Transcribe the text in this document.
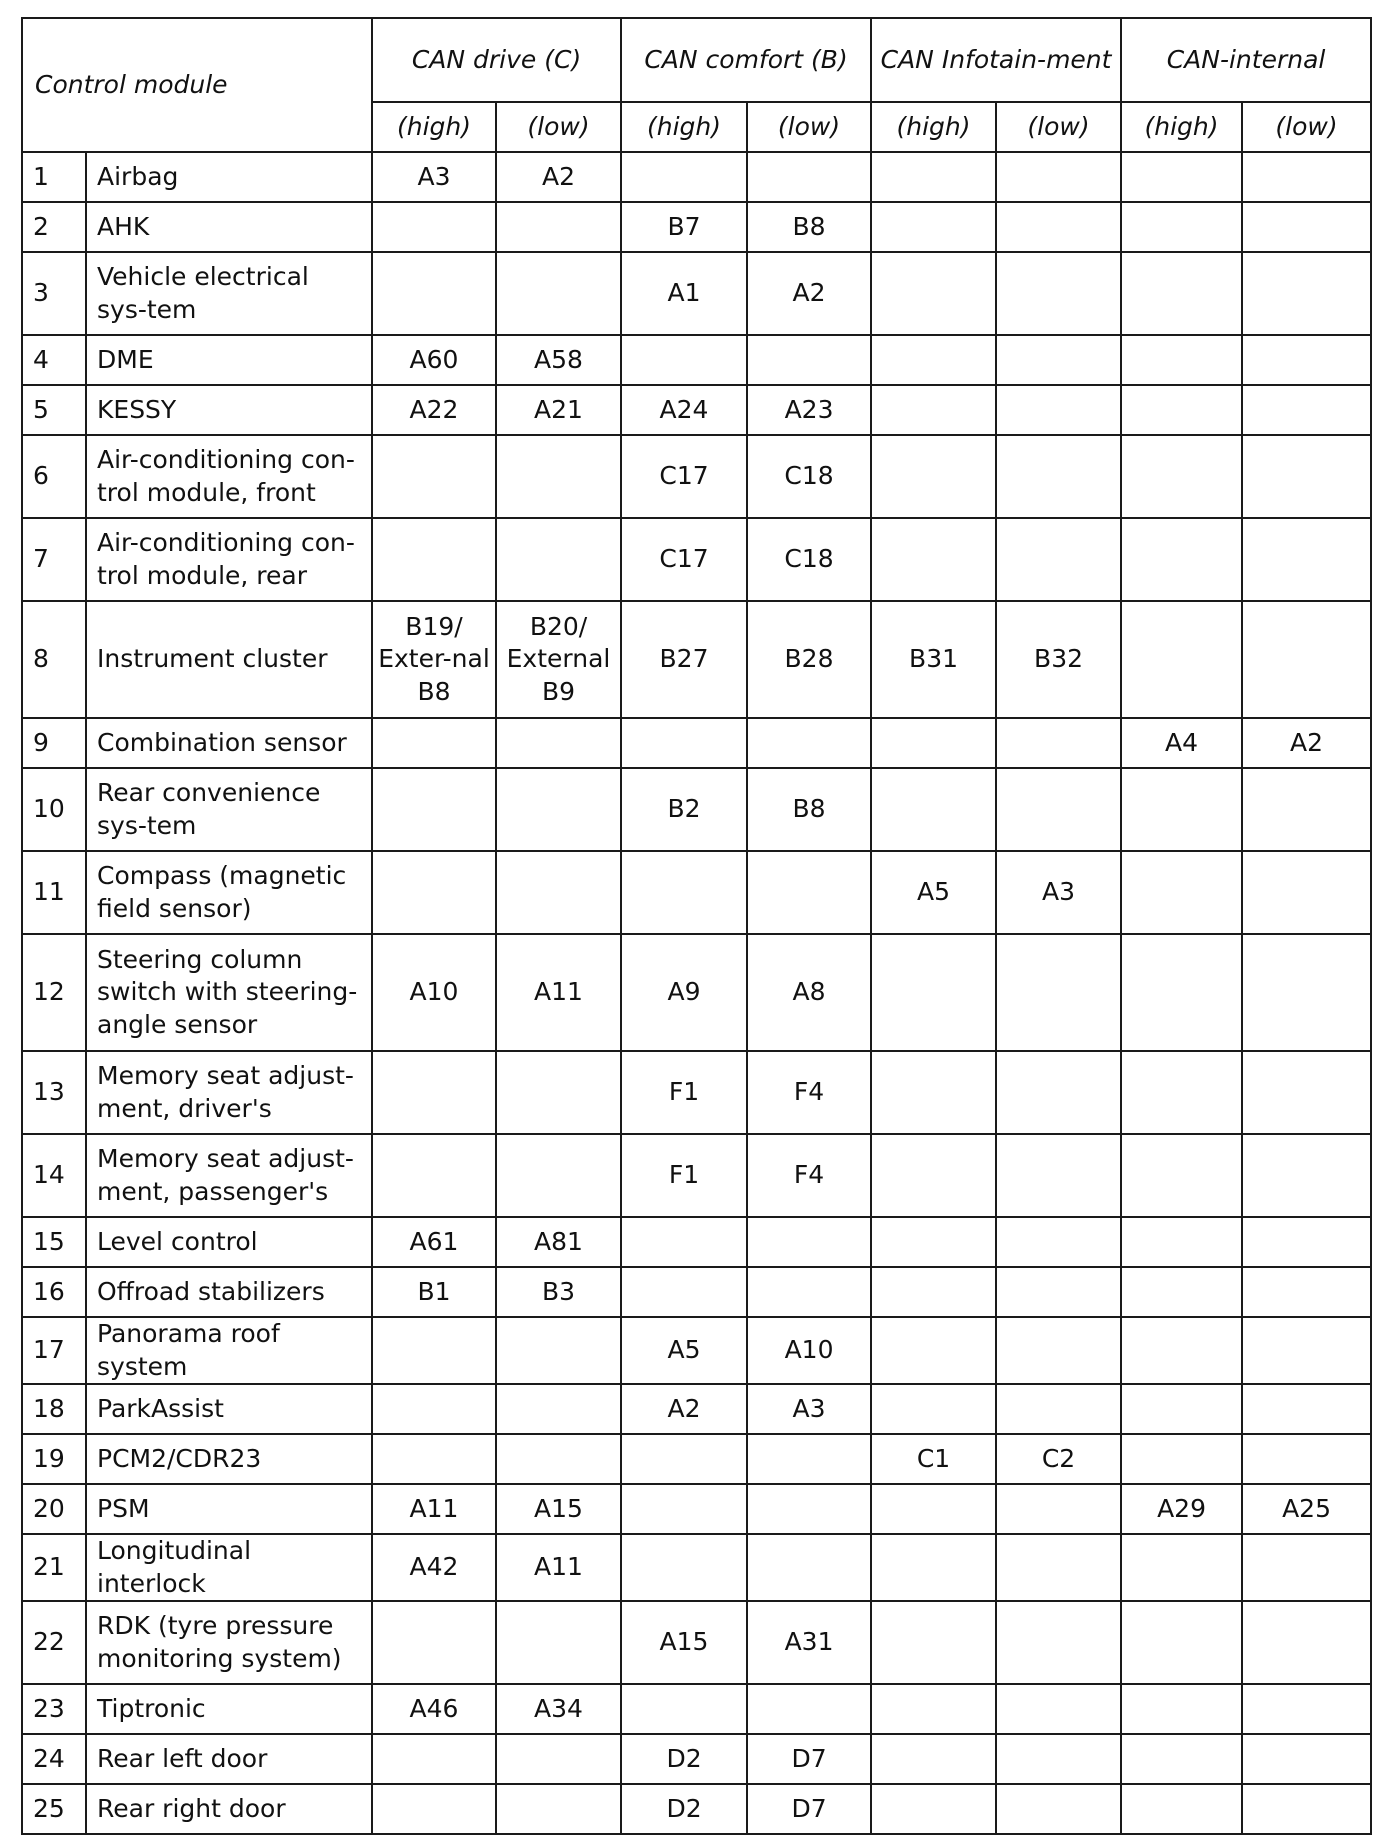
Control module		CAN drive (C)		CAN comfort (B)		CAN Infotain-ment		CAN-internal	
		(high)	(low)	(high)	(low)	(high)	(low)	(high)	(low)
1	Airbag	A3	A2						
2	AHK			B7	B8				
3	Vehicle electrical sys-tem			A1	A2				
4	DME	A60	A58						
5	KESSY	A22	A21	A24	A23				
6	Air-conditioning con-trol module, front			C17	C18				
7	Air-conditioning con-trol module, rear			C17	C18				
8	Instrument cluster	B19/ Exter-nal B8	B20/ External B9	B27	B28	B31	B32		
9	Combination sensor							A4	A2
10	Rear convenience sys-tem			B2	B8				
11	Compass (magnetic field sensor)					A5	A3		
12	Steering column switch with steering-angle sensor	A10	A11	A9	A8				
13	Memory seat adjust-ment, driver's			F1	F4				
14	Memory seat adjust-ment, passenger's			F1	F4				
15	Level control	A61	A81						
16	Offroad stabilizers	B1	B3						
17	Panorama roof system			A5	A10				
18	ParkAssist			A2	A3				
19	PCM2/CDR23					C1	C2		
20	PSM	A11	A15					A29	A25
21	Longitudinal interlock	A42	A11						
22	RDK (tyre pressure monitoring system)			A15	A31				
23	Tiptronic	A46	A34						
24	Rear left door			D2	D7				
25	Rear right door			D2	D7				
